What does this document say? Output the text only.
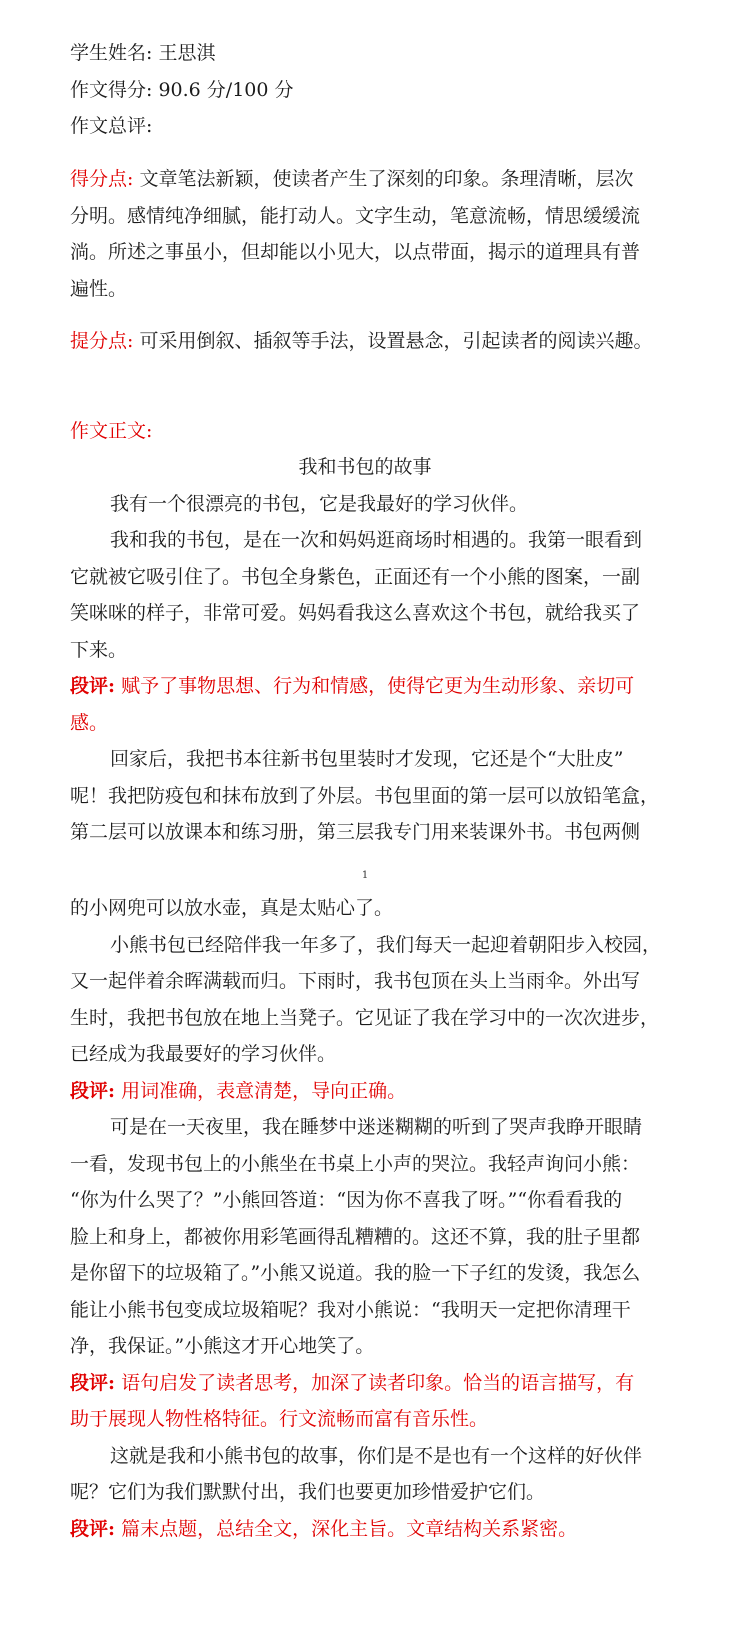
学生姓名: 王思淇
作文得分: 90.6 分/100 分
作文总评:
得分点: 文章笔法新颖，使读者产生了深刻的印象。条理清晰，层次
分明。感情纯净细腻，能打动人。文字生动，笔意流畅，情思缓缓流
淌。所述之事虽小，但却能以小见大，以点带面，揭示的道理具有普
遍性。
提分点: 可采用倒叙、插叙等手法，设置悬念，引起读者的阅读兴趣。
作文正文:
我和书包的故事
我有一个很漂亮的书包，它是我最好的学习伙伴。
我和我的书包，是在一次和妈妈逛商场时相遇的。我第一眼看到
它就被它吸引住了。书包全身紫色，正面还有一个小熊的图案，一副
笑咪咪的样子，非常可爱。妈妈看我这么喜欢这个书包，就给我买了
下来。
段评: 赋予了事物思想、行为和情感，使得它更为生动形象、亲切可
感。
回家后，我把书本往新书包里装时才发现，它还是个“大肚皮”
呢！我把防疫包和抹布放到了外层。书包里面的第一层可以放铅笔盒，
第二层可以放课本和练习册，第三层我专门用来装课外书。书包两侧
1
的小网兜可以放水壶，真是太贴心了。
小熊书包已经陪伴我一年多了，我们每天一起迎着朝阳步入校园，
又一起伴着余晖满载而归。下雨时，我书包顶在头上当雨伞。外出写
生时，我把书包放在地上当凳子。它见证了我在学习中的一次次进步，
已经成为我最要好的学习伙伴。
段评: 用词准确，表意清楚，导向正确。
可是在一天夜里，我在睡梦中迷迷糊糊的听到了哭声我睁开眼睛
一看，发现书包上的小熊坐在书桌上小声的哭泣。我轻声询问小熊：
“你为什么哭了？”小熊回答道：“因为你不喜我了呀。”“你看看我的
脸上和身上，都被你用彩笔画得乱糟糟的。这还不算，我的肚子里都
是你留下的垃圾箱了。”小熊又说道。我的脸一下子红的发烫，我怎么
能让小熊书包变成垃圾箱呢？我对小熊说：“我明天一定把你清理干
净，我保证。”小熊这才开心地笑了。
段评: 语句启发了读者思考，加深了读者印象。恰当的语言描写，有
助于展现人物性格特征。行文流畅而富有音乐性。
这就是我和小熊书包的故事，你们是不是也有一个这样的好伙伴
呢？它们为我们默默付出，我们也要更加珍惜爱护它们。
段评: 篇末点题，总结全文，深化主旨。文章结构关系紧密。
